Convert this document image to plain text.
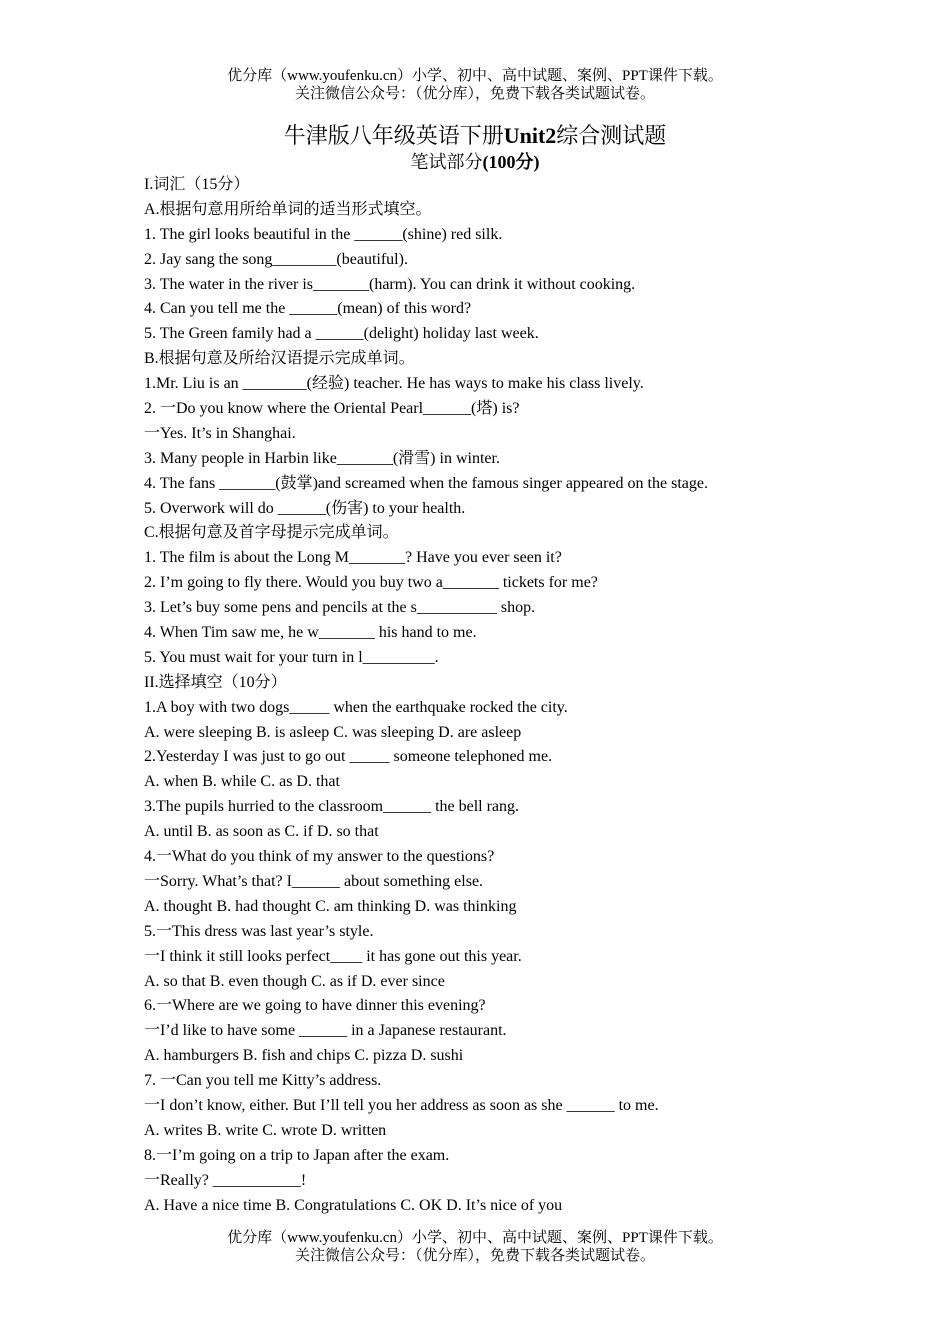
优分库（www.youfenku.cn）小学、初中、高中试题、案例、PPT课件下载。
关注微信公众号：（优分库），免费下载各类试题试卷。
牛津版八年级英语下册Unit2综合测试题
笔试部分(100分)
I.词汇（15分）
A.根据句意用所给单词的适当形式填空。
1. The girl looks beautiful in the ______(shine) red silk.
2. Jay sang the song________(beautiful).
3. The water in the river is_______(harm). You can drink it without cooking.
4. Can you tell me the ______(mean) of this word?
5. The Green family had a ______(delight) holiday last week.
B.根据句意及所给汉语提示完成单词。
1.Mr. Liu is an ________(经验) teacher. He has ways to make his class lively.
2. 一Do you know where the Oriental Pearl______(塔) is?
一Yes. It’s in Shanghai.
3. Many people in Harbin like_______(滑雪) in winter.
4. The fans _______(鼓掌)and screamed when the famous singer appeared on the stage.
5. Overwork will do ______(伤害) to your health.
C.根据句意及首字母提示完成单词。
1. The film is about the Long M_______? Have you ever seen it?
2. I’m going to fly there. Would you buy two a_______ tickets for me?
3. Let’s buy some pens and pencils at the s__________ shop.
4. When Tim saw me, he w_______ his hand to me.
5. You must wait for your turn in l_________.
II.选择填空（10分）
1.A boy with two dogs_____ when the earthquake rocked the city.
A. were sleeping B. is asleep C. was sleeping D. are asleep
2.Yesterday I was just to go out _____ someone telephoned me.
A. when B. while C. as D. that
3.The pupils hurried to the classroom______ the bell rang.
A. until B. as soon as C. if D. so that
4.一What do you think of my answer to the questions?
一Sorry. What’s that? I______ about something else.
A. thought B. had thought C. am thinking D. was thinking
5.一This dress was last year’s style.
一I think it still looks perfect____ it has gone out this year.
A. so that B. even though C. as if D. ever since
6.一Where are we going to have dinner this evening?
一I’d like to have some ______ in a Japanese restaurant.
A. hamburgers B. fish and chips C. pizza D. sushi
7. 一Can you tell me Kitty’s address.
一I don’t know, either. But I’ll tell you her address as soon as she ______ to me.
A. writes B. write C. wrote D. written
8.一I’m going on a trip to Japan after the exam.
一Really? ___________!
A. Have a nice time B. Congratulations C. OK D. It’s nice of you
优分库（www.youfenku.cn）小学、初中、高中试题、案例、PPT课件下载。
关注微信公众号：（优分库），免费下载各类试题试卷。
